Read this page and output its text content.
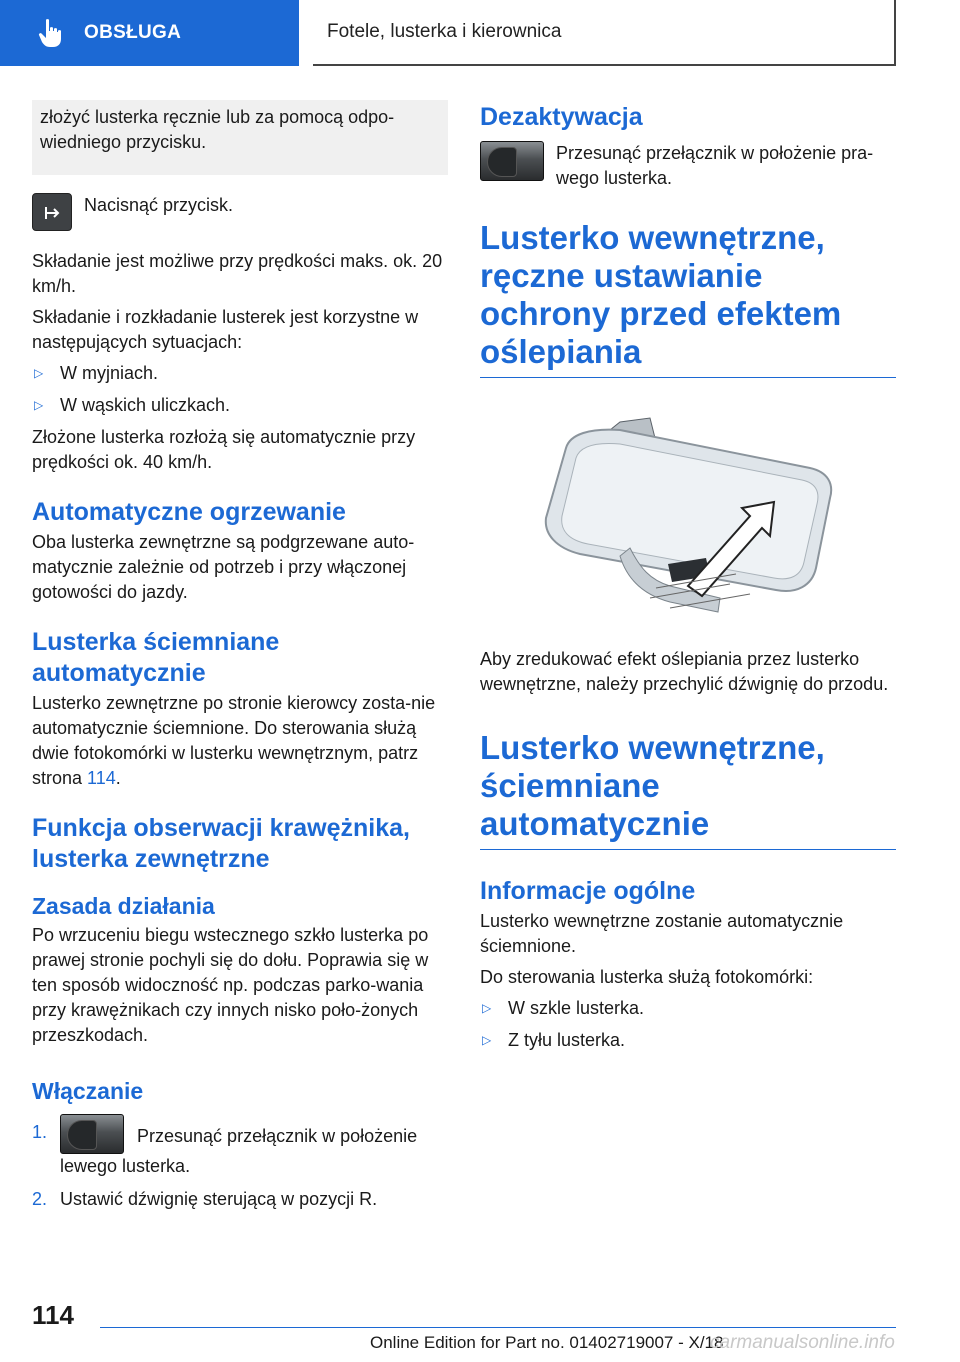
OBSŁUGA	Fotele, lusterka i kierownica
złożyć lusterka ręcznie lub za pomocą odpo-wiedniego przycisku.
Nacisnąć przycisk.

Składanie jest możliwe przy prędkości maks. ok. 20 km/h.

Składanie i rozkładanie lusterek jest korzystne w następujących sytuacjach:

▷ W myjniach.
▷ W wąskich uliczkach.

Złożone lusterka rozłożą się automatycznie przy prędkości ok. 40 km/h.

Automatyczne ogrzewanie

Oba lusterka zewnętrzne są podgrzewane auto-matycznie zależnie od potrzeb i przy włączonej gotowości do jazdy.

Lusterka ściemniane automatycznie

Lusterko zewnętrzne po stronie kierowcy zosta-nie automatycznie ściemnione. Do sterowania służą dwie fotokomórki w lusterku wewnętrznym, patrz strona 114.

Funkcja obserwacji krawężnika, lusterka zewnętrzne
Zasada działania

Po wrzuceniu biegu wstecznego szkło lusterka po prawej stronie pochyli się do dołu. Poprawia się w ten sposób widoczność np. podczas parko-wania przy krawężnikach czy innych nisko poło-żonych przeszkodach.

Włączanie
1.	Przesunąć przełącznik w położenie lewego lusterka.
2. Ustawić dźwignię sterującą w pozycji R.
Dezaktywacja
Przesunąć przełącznik w położenie pra-wego lusterka.
Lusterko wewnętrzne, ręczne ustawianie ochrony przed efektem oślepiania

Aby zredukować efekt oślepiania przez lusterko wewnętrzne, należy przechylić dźwignię do przodu.

Lusterko wewnętrzne, ściemniane automatycznie
Informacje ogólne

Lusterko wewnętrzne zostanie automatycznie ściemnione.

Do sterowania lusterka służą fotokomórki:

▷ W szkle lusterka.
▷ Z tyłu lusterka.
114
Online Edition for Part no. 01402719007 - X/18
carmanualsonline.info
